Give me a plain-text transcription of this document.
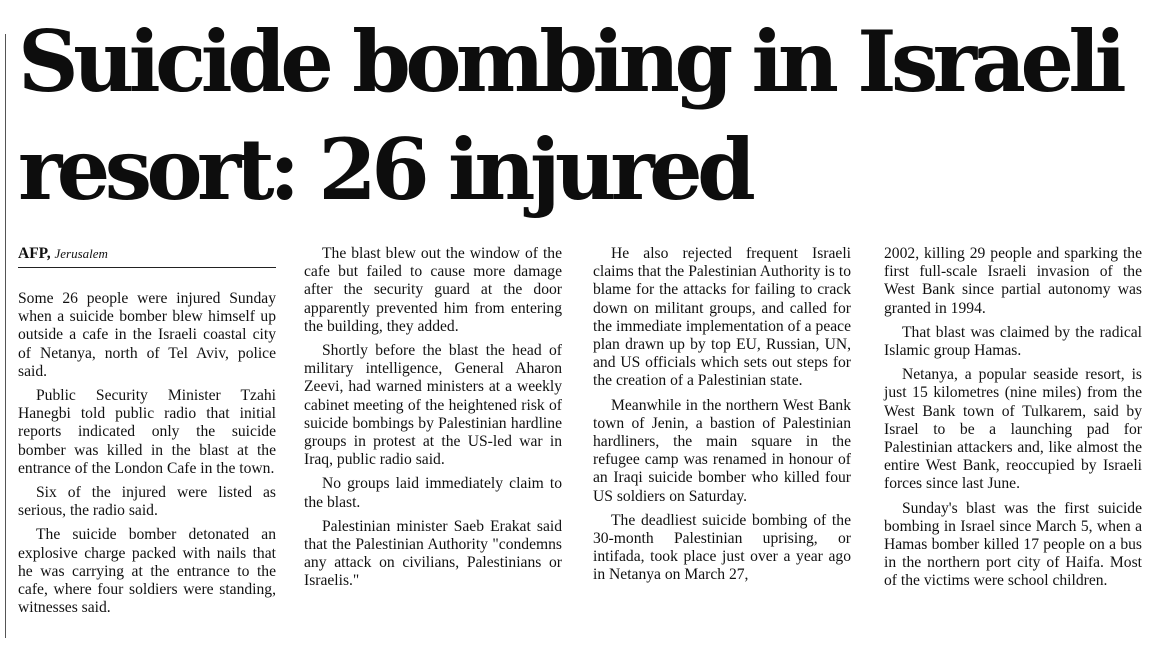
Suicide bombing in Israeli
resort: 26 injured
AFP, Jerusalem

Some 26 people were injured Sunday when a suicide bomber blew himself up outside a cafe in the Israeli coastal city of Netanya, north of Tel Aviv, police said.

Public Security Minister Tzahi Hanegbi told public radio that initial reports indicated only the suicide bomber was killed in the blast at the entrance of the London Cafe in the town.

Six of the injured were listed as serious, the radio said.

The suicide bomber detonated an explosive charge packed with nails that he was carrying at the entrance to the cafe, where four soldiers were standing, witnesses said.

The blast blew out the window of the cafe but failed to cause more damage after the security guard at the door apparently prevented him from entering the building, they added.

Shortly before the blast the head of military intelligence, General Aharon Zeevi, had warned ministers at a weekly cabinet meeting of the heightened risk of suicide bombings by Palestinian hardline groups in protest at the US-led war in Iraq, public radio said.

No groups laid immediately claim to the blast.

Palestinian minister Saeb Erakat said that the Palestinian Authority "condemns any attack on civilians, Palestinians or Israelis."

He also rejected frequent Israeli claims that the Palestinian Authority is to blame for the attacks for failing to crack down on militant groups, and called for the immediate implementation of a peace plan drawn up by top EU, Russian, UN, and US officials which sets out steps for the creation of a Palestinian state.

Meanwhile in the northern West Bank town of Jenin, a bastion of Palestinian hardliners, the main square in the refugee camp was renamed in honour of an Iraqi suicide bomber who killed four US soldiers on Saturday.

The deadliest suicide bombing of the 30-month Palestinian uprising, or intifada, took place just over a year ago in Netanya on March 27,

2002, killing 29 people and sparking the first full-scale Israeli invasion of the West Bank since partial autonomy was granted in 1994.

That blast was claimed by the radical Islamic group Hamas.

Netanya, a popular seaside resort, is just 15 kilometres (nine miles) from the West Bank town of Tulkarem, said by Israel to be a launching pad for Palestinian attackers and, like almost the entire West Bank, reoccupied by Israeli forces since last June.

Sunday's blast was the first suicide bombing in Israel since March 5, when a Hamas bomber killed 17 people on a bus in the northern port city of Haifa. Most of the victims were school children.
